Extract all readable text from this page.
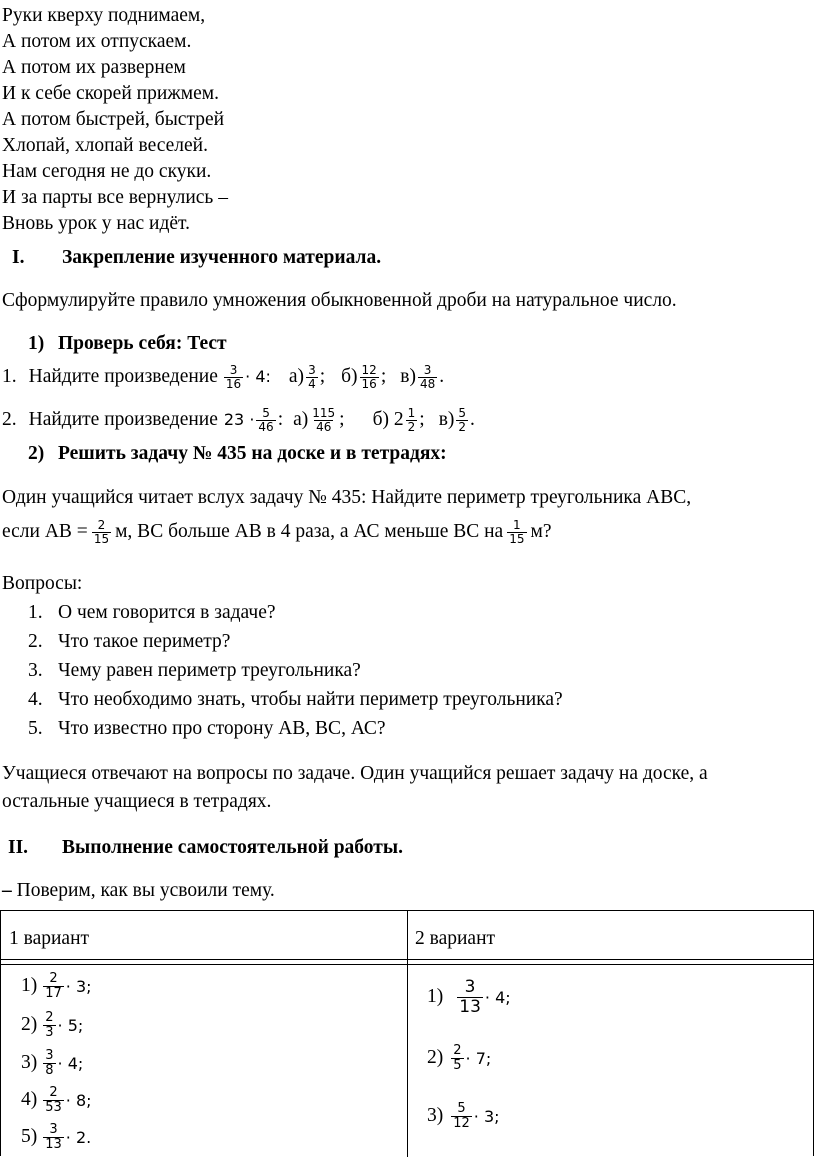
Руки кверху поднимаем,
А потом их отпускаем.
А потом их развернем
И к себе скорей прижмем.
А потом быстрей, быстрей
Хлопай, хлопай веселей.
Нам сегодня не до скуки.
И за парты все вернулись –
Вновь урок у нас идёт.
I. Закрепление изученного материала.
Сформулируйте правило умножения обыкновенной дроби на натуральное число.
1) Проверь себя: Тест
1. Найдите произведение $\frac{3}{16} \cdot 4$: $а) \frac{3}{4}$ ; $б) \frac{12}{16}$ ; $в) \frac{3}{48}$ .
2. Найдите произведение $23 \cdot \frac{5}{46}$ : $а) \frac{115}{46}$ ; б) $2 \frac{1}{2}$ ; $в) \frac{5}{2}$ .
2) Решить задачу № 435 на доске и в тетрадях:
Один учащийся читает вслух задачу № 435: Найдите периметр треугольника АВС,
если АВ = $\frac{2}{15} м$, ВС больше АВ в 4 раза, а АС меньше ВС на $\frac{1}{15} м$?
Вопросы:
1. О чем говорится в задаче?
2. Что такое периметр?
3. Чему равен периметр треугольника?
4. Что необходимо знать, чтобы найти периметр треугольника?
5. Что известно про сторону АВ, ВС, АС?
Учащиеся отвечают на вопросы по задаче. Один учащийся решает задачу на доске, а
остальные учащиеся в тетрадях.
II. Выполнение самостоятельной работы.
– Поверим, как вы усвоили тему.
1 вариант	2 вариант
$1) \frac{2}{17} \cdot 3$;
$2) \frac{2}{3} \cdot 5$;
$3) \frac{3}{8} \cdot 4$;
$4) \frac{2}{53} \cdot 8$;
$5) \frac{3}{13} \cdot 2$.
$1) \frac{3}{13} \cdot 4$;
$2) \frac{2}{5} \cdot 7$;
$3) \frac{5}{12} \cdot 3$;
